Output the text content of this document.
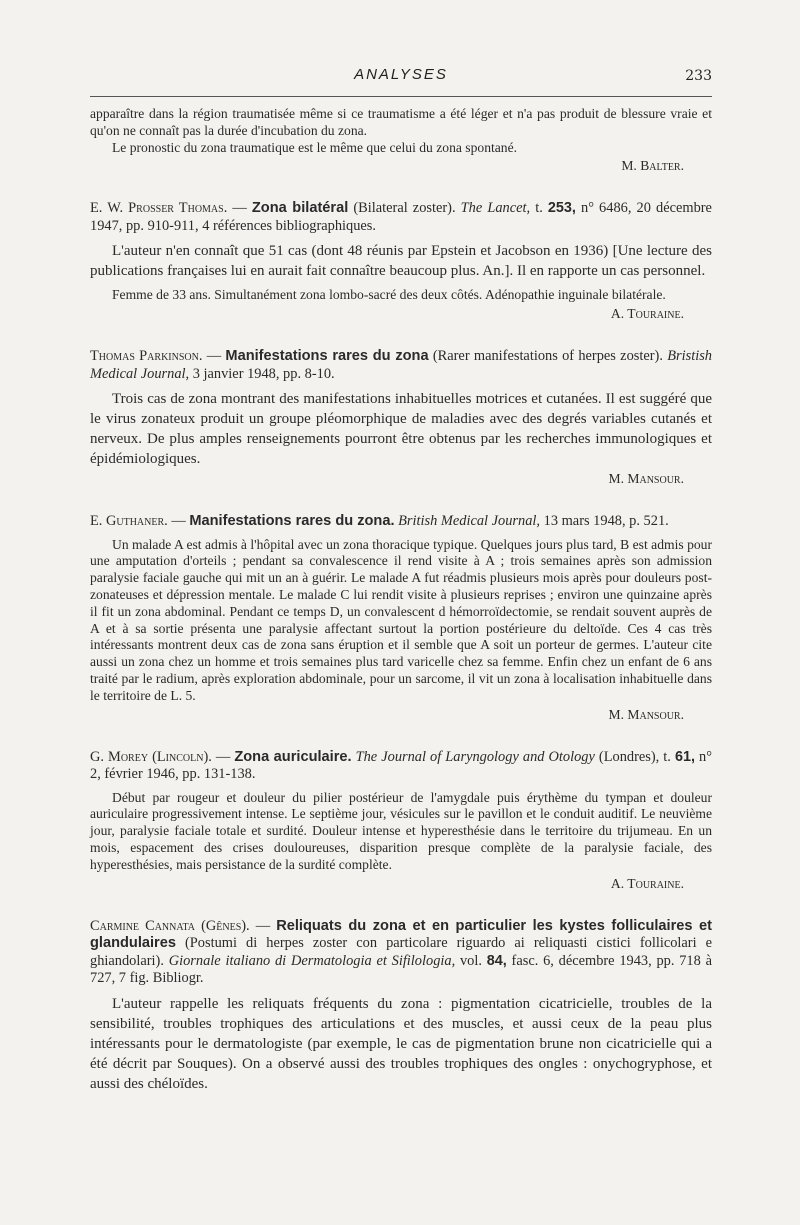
ANALYSES	233

apparaître dans la région traumatisée même si ce traumatisme a été léger et n'a pas produit de blessure vraie et qu'on ne connaît pas la durée d'incubation du zona.

Le pronostic du zona traumatique est le même que celui du zona spontané.

M. Balter.

E. W. Prosser Thomas. — Zona bilatéral (Bilateral zoster). The Lancet, t. 253, n° 6486, 20 décembre 1947, pp. 910-911, 4 références bibliographiques.

L'auteur n'en connaît que 51 cas (dont 48 réunis par Epstein et Jacobson en 1936) [Une lecture des publications françaises lui en aurait fait connaître beaucoup plus. An.]. Il en rapporte un cas personnel.

Femme de 33 ans. Simultanément zona lombo-sacré des deux côtés. Adénopathie inguinale bilatérale.

A. Touraine.

Thomas Parkinson. — Manifestations rares du zona (Rarer manifestations of herpes zoster). Bristish Medical Journal, 3 janvier 1948, pp. 8-10.

Trois cas de zona montrant des manifestations inhabituelles motrices et cutanées. Il est suggéré que le virus zonateux produit un groupe pléomorphique de maladies avec des degrés variables cutanés et nerveux. De plus amples renseignements pourront être obtenus par les recherches immunologiques et épidémiologiques.

M. Mansour.

E. Guthaner. — Manifestations rares du zona. British Medical Journal, 13 mars 1948, p. 521.

Un malade A est admis à l'hôpital avec un zona thoracique typique. Quelques jours plus tard, B est admis pour une amputation d'orteils ; pendant sa convalescence il rend visite à A ; trois semaines après son admission paralysie faciale gauche qui mit un an à guérir. Le malade A fut réadmis plusieurs mois après pour douleurs post-zonateuses et dépression mentale. Le malade C lui rendit visite à plusieurs reprises ; environ une quinzaine après il fit un zona abdominal. Pendant ce temps D, un convalescent d hémorroïdectomie, se rendait souvent auprès de A et à sa sortie présenta une paralysie affectant surtout la portion postérieure du deltoïde. Ces 4 cas très intéressants montrent deux cas de zona sans éruption et il semble que A soit un porteur de germes. L'auteur cite aussi un zona chez un homme et trois semaines plus tard varicelle chez sa femme. Enfin chez un enfant de 6 ans traité par le radium, après exploration abdominale, pour un sarcome, il vit un zona à localisation inhabituelle dans le territoire de L. 5.

M. Mansour.

G. Morey (Lincoln). — Zona auriculaire. The Journal of Laryngology and Otology (Londres), t. 61, n° 2, février 1946, pp. 131-138.

Début par rougeur et douleur du pilier postérieur de l'amygdale puis érythème du tympan et douleur auriculaire progressivement intense. Le septième jour, vésicules sur le pavillon et le conduit auditif. Le neuvième jour, paralysie faciale totale et surdité. Douleur intense et hyperesthésie dans le territoire du trijumeau. En un mois, espacement des crises douloureuses, disparition presque complète de la paralysie faciale, des hyperesthésies, mais persistance de la surdité complète.

A. Touraine.

Carmine Cannata (Gênes). — Reliquats du zona et en particulier les kystes folliculaires et glandulaires (Postumi di herpes zoster con particolare riguardo ai reliquasti cistici follicolari e ghiandolari). Giornale italiano di Dermatologia et Sifilologia, vol. 84, fasc. 6, décembre 1943, pp. 718 à 727, 7 fig. Bibliogr.

L'auteur rappelle les reliquats fréquents du zona : pigmentation cicatricielle, troubles de la sensibilité, troubles trophiques des articulations et des muscles, et aussi ceux de la peau plus intéressants pour le dermatologiste (par exemple, le cas de pigmentation brune non cicatricielle qui a été décrit par Souques). On a observé aussi des troubles trophiques des ongles : onychogryphose, et aussi des chéloïdes.
